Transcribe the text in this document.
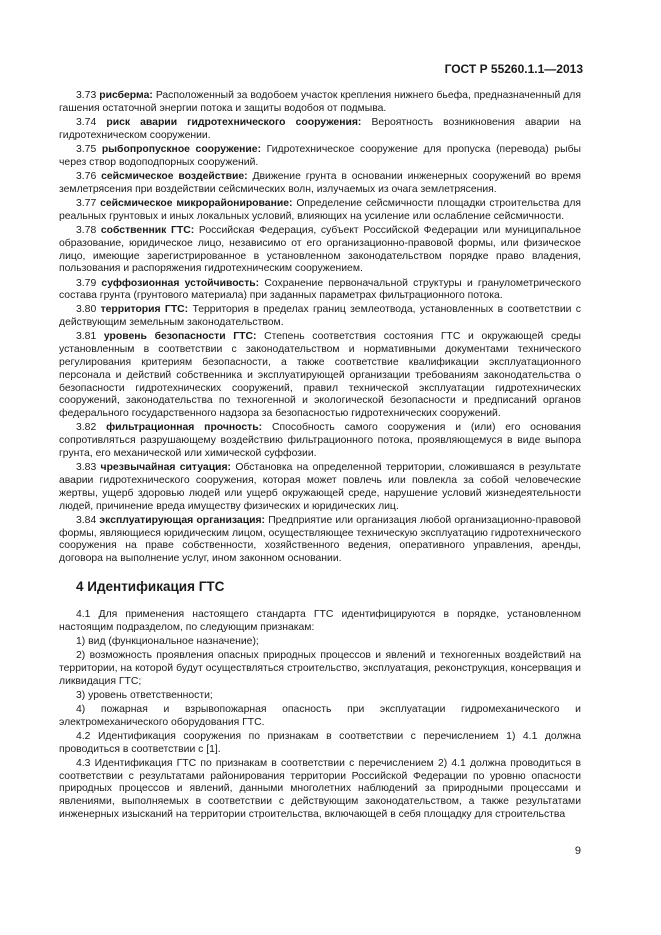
ГОСТ Р 55260.1.1—2013

3.73 рисберма: Расположенный за водобоем участок крепления нижнего бьефа, предназначенный для гашения остаточной энергии потока и защиты водобоя от подмыва.

3.74 риск аварии гидротехнического сооружения: Вероятность возникновения аварии на гидротехническом сооружении.

3.75 рыбопропускное сооружение: Гидротехническое сооружение для пропуска (перевода) рыбы через створ водоподпорных сооружений.

3.76 сейсмическое воздействие: Движение грунта в основании инженерных сооружений во время землетрясения при воздействии сейсмических волн, излучаемых из очага землетрясения.

3.77 сейсмическое микрорайонирование: Определение сейсмичности площадки строительства для реальных грунтовых и иных локальных условий, влияющих на усиление или ослабление сейсмичности.

3.78 собственник ГТС: Российская Федерация, субъект Российской Федерации или муниципальное образование, юридическое лицо, независимо от его организационно-правовой формы, или физическое лицо, имеющие зарегистрированное в установленном законодательством порядке право владения, пользования и распоряжения гидротехническим сооружением.

3.79 суффозионная устойчивость: Сохранение первоначальной структуры и гранулометрического состава грунта (грунтового материала) при заданных параметрах фильтрационного потока.

3.80 территория ГТС: Территория в пределах границ землеотвода, установленных в соответствии с действующим земельным законодательством.

3.81 уровень безопасности ГТС: Степень соответствия состояния ГТС и окружающей среды установленным в соответствии с законодательством и нормативными документами технического регулирования критериям безопасности, а также соответствие квалификации эксплуатационного персонала и действий собственника и эксплуатирующей организации требованиям законодательства о безопасности гидротехнических сооружений, правил технической эксплуатации гидротехнических сооружений, законодательства по техногенной и экологической безопасности и предписаний органов федерального государственного надзора за безопасностью гидротехнических сооружений.

3.82 фильтрационная прочность: Способность самого сооружения и (или) его основания сопротивляться разрушающему воздействию фильтрационного потока, проявляющемуся в виде выпора грунта, его механической или химической суффозии.

3.83 чрезвычайная ситуация: Обстановка на определенной территории, сложившаяся в результате аварии гидротехнического сооружения, которая может повлечь или повлекла за собой человеческие жертвы, ущерб здоровью людей или ущерб окружающей среде, нарушение условий жизнедеятельности людей, причинение вреда имуществу физических и юридических лиц.

3.84 эксплуатирующая организация: Предприятие или организация любой организационно-правовой формы, являющиеся юридическим лицом, осуществляющее техническую эксплуатацию гидротехнического сооружения на праве собственности, хозяйственного ведения, оперативного управления, аренды, договора на выполнение услуг, ином законном основании.

4 Идентификация ГТС

4.1 Для применения настоящего стандарта ГТС идентифицируются в порядке, установленном настоящим подразделом, по следующим признакам:

1) вид (функциональное назначение);

2) возможность проявления опасных природных процессов и явлений и техногенных воздействий на территории, на которой будут осуществляться строительство, эксплуатация, реконструкция, консервация и ликвидация ГТС;

3) уровень ответственности;

4) пожарная и взрывопожарная опасность при эксплуатации гидромеханического и электромеханического оборудования ГТС.

4.2 Идентификация сооружения по признакам в соответствии с перечислением 1) 4.1 должна проводиться в соответствии с [1].

4.3 Идентификация ГТС по признакам в соответствии с перечислением 2) 4.1 должна проводиться в соответствии с результатами районирования территории Российской Федерации по уровню опасности природных процессов и явлений, данными многолетних наблюдений за природными процессами и явлениями, выполняемых в соответствии с действующим законодательством, а также результатами инженерных изысканий на территории строительства, включающей в себя площадку для строительства

9
